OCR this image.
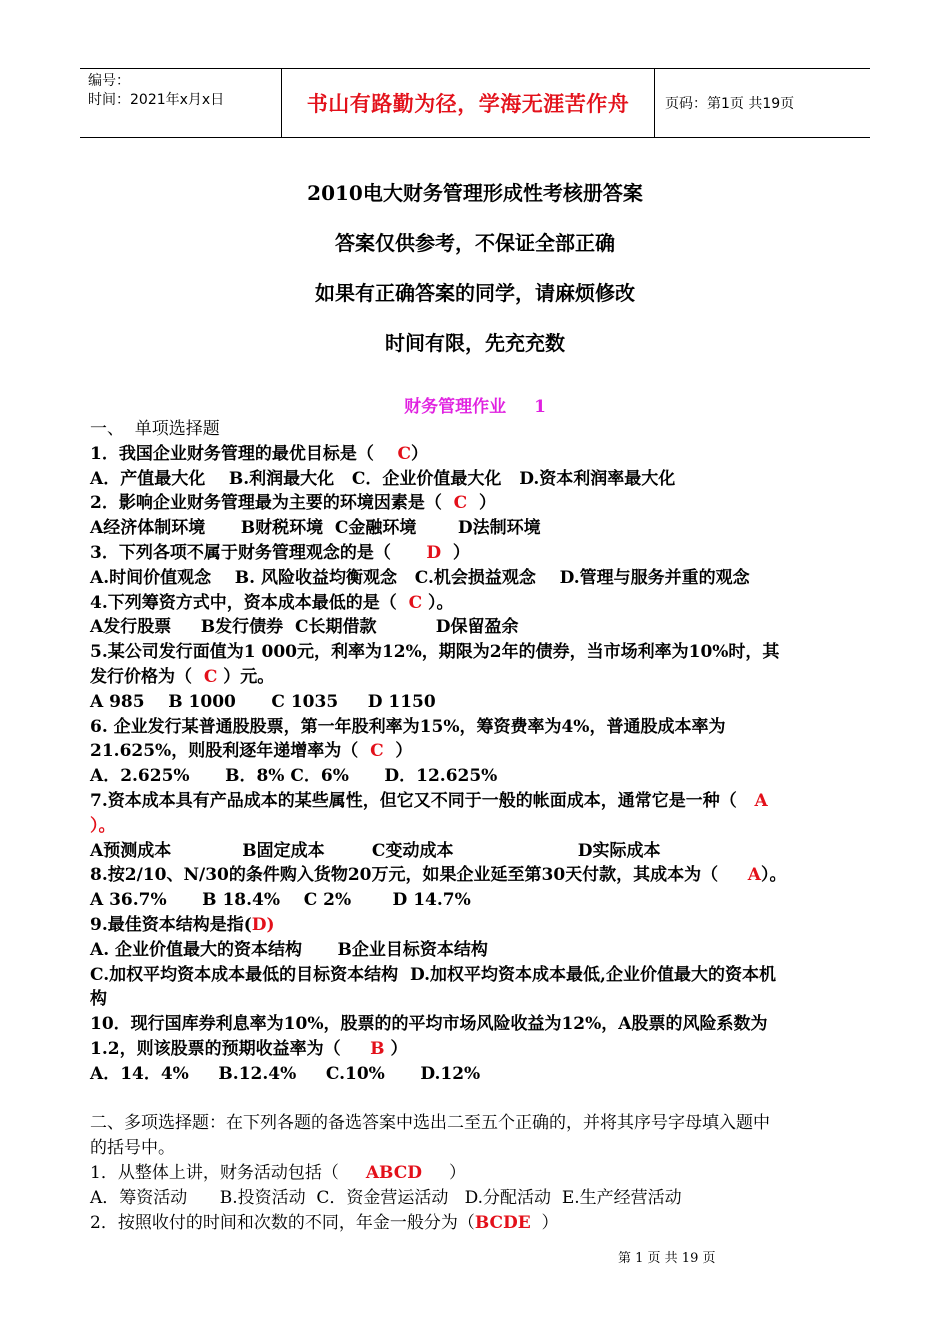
编号：
时间：2021年x月x日	书山有路勤为径，学海无涯苦作舟	页码：第1页 共19页
2010电大财务管理形成性考核册答案
答案仅供参考，不保证全部正确
如果有正确答案的同学，请麻烦修改
时间有限，先充充数
财务管理作业 1
一、  单项选择题
1．我国企业财务管理的最优目标是（    C）
A．产值最大化    B.利润最大化   C．企业价值最大化   D.资本利润率最大化
2．影响企业财务管理最为主要的环境因素是（  C  ）
A经济体制环境      B财税环境  C金融环境       D法制环境
3．下列各项不属于财务管理观念的是（      D  ）
A.时间价值观念    B. 风险收益均衡观念   C.机会损益观念    D.管理与服务并重的观念
4.下列筹资方式中，资本成本最低的是（  C ）。
A发行股票     B发行债券  C长期借款          D保留盈余
5.某公司发行面值为1 000元，利率为12%，期限为2年的债券，当市场利率为10%时，其
发行价格为（  C ）元。
A 985    B 1000      C 1035     D 1150
6. 企业发行某普通股股票，第一年股利率为15%，筹资费率为4%，普通股成本率为
21.625%，则股利逐年递增率为（  C  ）
A．2.625%      B．8% C．6%      D．12.625%
7.资本成本具有产品成本的某些属性，但它又不同于一般的帐面成本，通常它是一种（   A
）。
A预测成本            B固定成本        C变动成本                     D实际成本
8.按2/10、N/30的条件购入货物20万元，如果企业延至第30天付款，其成本为（     A）。
A 36.7%      B 18.4%    C 2%       D 14.7%
9.最佳资本结构是指(D)
A. 企业价值最大的资本结构      B企业目标资本结构
C.加权平均资本成本最低的目标资本结构  D.加权平均资本成本最低,企业价值最大的资本机
构
10．现行国库券利息率为10%，股票的的平均市场风险收益为12%，A股票的风险系数为
1.2，则该股票的预期收益率为（     B ）
A．14．4%     B.12.4%     C.10%      D.12%
二、多项选择题：在下列各题的备选答案中选出二至五个正确的，并将其序号字母填入题中
的括号中。
1．从整体上讲，财务活动包括（     ABCD     ）
A．筹资活动      B.投资活动  C．资金营运活动   D.分配活动  E.生产经营活动
2．按照收付的时间和次数的不同，年金一般分为（BCDE  ）
第 1 页 共 19 页
